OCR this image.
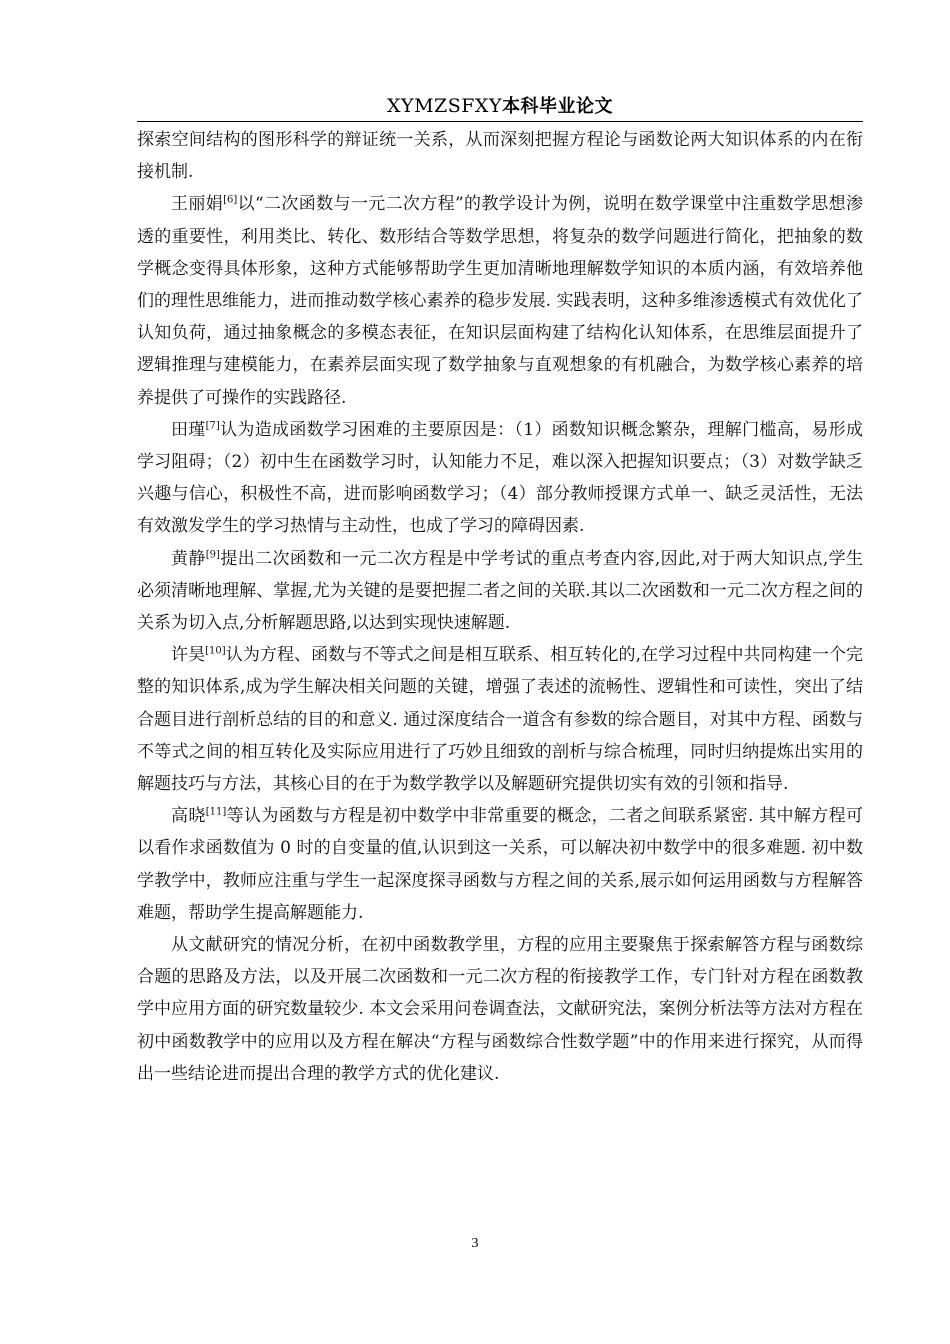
XYMZSFXY本科毕业论文

探索空间结构的图形科学的辩证统一关系，从而深刻把握方程论与函数论两大知识体系的内在衔接机制.

王丽娟[6]以“二次函数与一元二次方程”的教学设计为例，说明在数学课堂中注重数学思想渗透的重要性，利用类比、转化、数形结合等数学思想，将复杂的数学问题进行简化，把抽象的数学概念变得具体形象，这种方式能够帮助学生更加清晰地理解数学知识的本质内涵，有效培养他们的理性思维能力，进而推动数学核心素养的稳步发展. 实践表明，这种多维渗透模式有效优化了认知负荷，通过抽象概念的多模态表征，在知识层面构建了结构化认知体系，在思维层面提升了逻辑推理与建模能力，在素养层面实现了数学抽象与直观想象的有机融合，为数学核心素养的培养提供了可操作的实践路径.

田瑾[7]认为造成函数学习困难的主要原因是：（1）函数知识概念繁杂，理解门槛高，易形成学习阻碍；（2）初中生在函数学习时，认知能力不足，难以深入把握知识要点；（3）对数学缺乏兴趣与信心，积极性不高，进而影响函数学习；（4）部分教师授课方式单一、缺乏灵活性，无法有效激发学生的学习热情与主动性，也成了学习的障碍因素.

黄静[9]提出二次函数和一元二次方程是中学考试的重点考查内容,因此,对于两大知识点,学生必须清晰地理解、掌握,尤为关键的是要把握二者之间的关联.其以二次函数和一元二次方程之间的关系为切入点,分析解题思路,以达到实现快速解题.

许昊[10]认为方程、函数与不等式之间是相互联系、相互转化的,在学习过程中共同构建一个完整的知识体系,成为学生解决相关问题的关键，增强了表述的流畅性、逻辑性和可读性，突出了结合题目进行剖析总结的目的和意义. 通过深度结合一道含有参数的综合题目，对其中方程、函数与不等式之间的相互转化及实际应用进行了巧妙且细致的剖析与综合梳理，同时归纳提炼出实用的解题技巧与方法，其核心目的在于为数学教学以及解题研究提供切实有效的引领和指导.

高晓[11]等认为函数与方程是初中数学中非常重要的概念，二者之间联系紧密. 其中解方程可以看作求函数值为 0 时的自变量的值,认识到这一关系，可以解决初中数学中的很多难题. 初中数学教学中，教师应注重与学生一起深度探寻函数与方程之间的关系,展示如何运用函数与方程解答难题，帮助学生提高解题能力.

从文献研究的情况分析，在初中函数教学里，方程的应用主要聚焦于探索解答方程与函数综合题的思路及方法，以及开展二次函数和一元二次方程的衔接教学工作，专门针对方程在函数教学中应用方面的研究数量较少. 本文会采用问卷调查法，文献研究法，案例分析法等方法对方程在初中函数教学中的应用以及方程在解决“方程与函数综合性数学题”中的作用来进行探究，从而得出一些结论进而提出合理的教学方式的优化建议.

3
